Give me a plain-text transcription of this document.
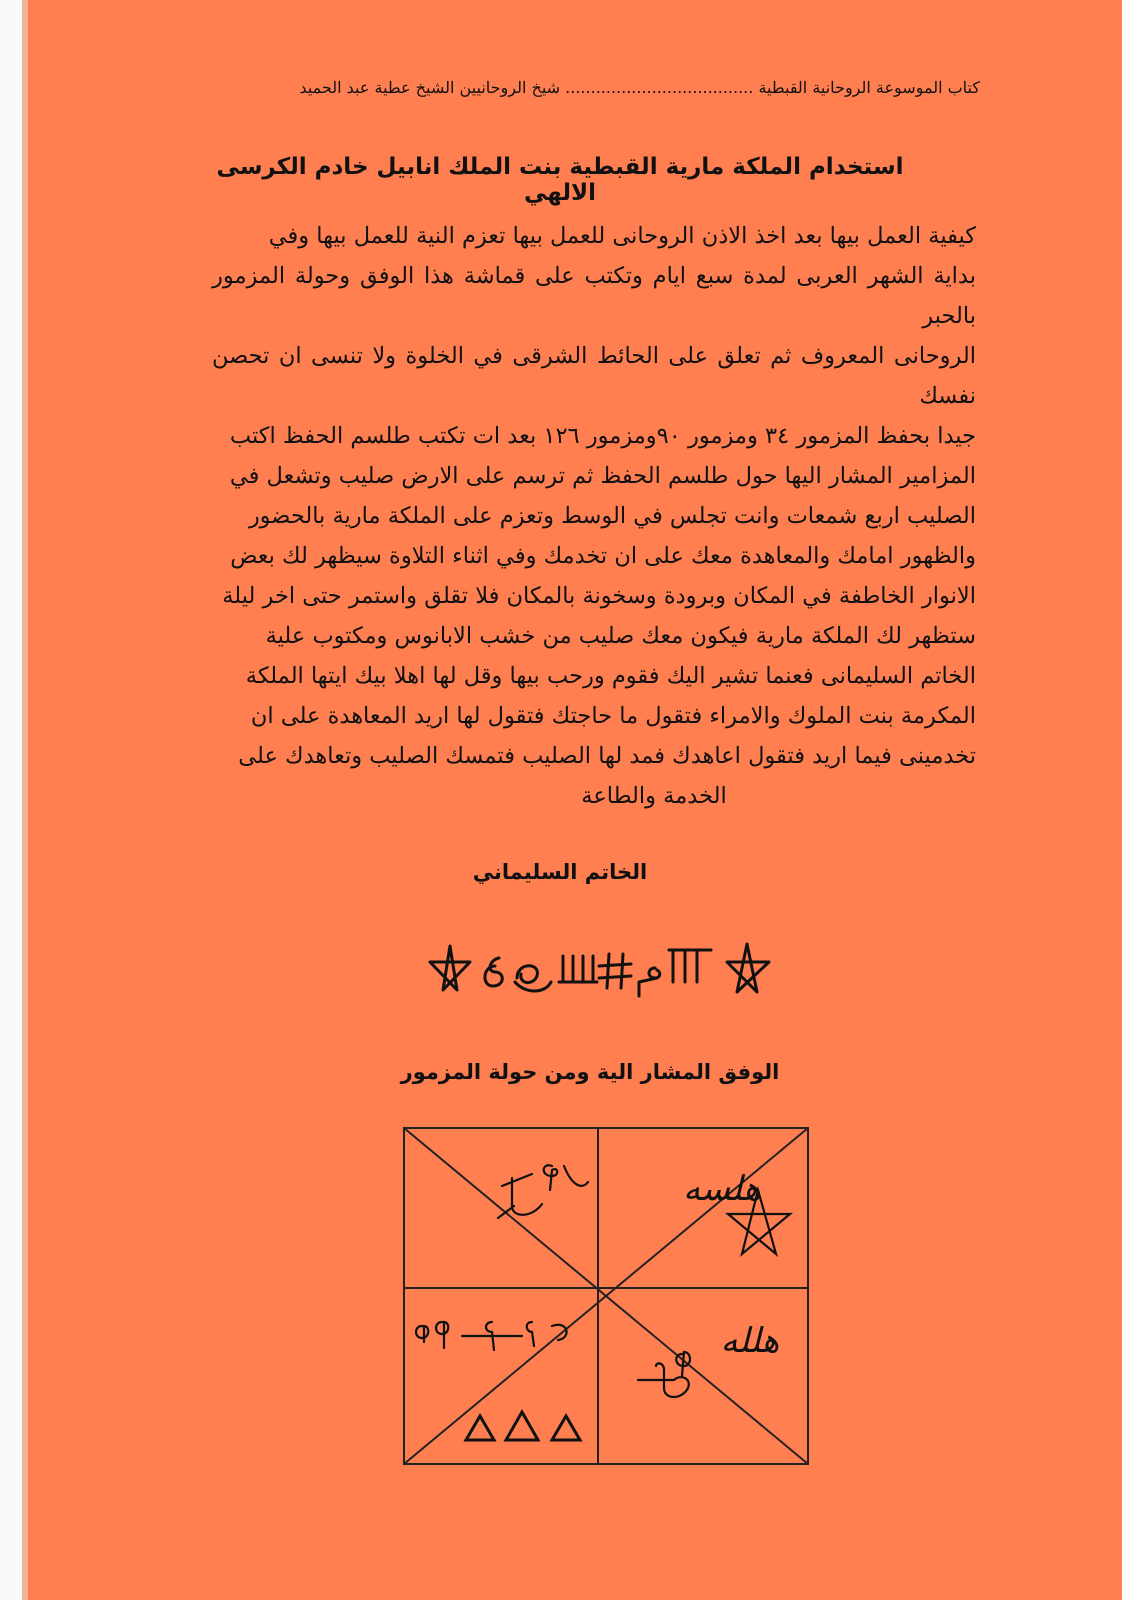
كتاب الموسوعة الروحانية القبطية ..................................... شيخ الروحانيين الشيخ عطية عبد الحميد
استخدام الملكة مارية القبطية بنت الملك انابيل خادم الكرسى الالهي
كيفية العمل بيها بعد اخذ الاذن الروحانى للعمل بيها تعزم النية للعمل بيها وفي
بداية الشهر العربى لمدة سبع ايام وتكتب على قماشة هذا الوفق وحولة المزمور بالحبر
الروحانى المعروف ثم تعلق على الحائط الشرقى في الخلوة ولا تنسى ان تحصن نفسك
جيدا بحفظ المزمور ٣٤ ومزمور ٩٠ومزمور ١٢٦ بعد ات تكتب طلسم الحفظ اكتب
المزامير المشار اليها حول طلسم الحفظ ثم ترسم على الارض صليب وتشعل في
الصليب اربع شمعات وانت تجلس في الوسط وتعزم على الملكة مارية بالحضور
والظهور امامك والمعاهدة معك على ان تخدمك وفي اثناء التلاوة سيظهر لك بعض
الانوار الخاطفة في المكان وبرودة وسخونة بالمكان فلا تقلق واستمر حتى اخر ليلة
ستظهر لك الملكة مارية فيكون معك صليب من خشب الابانوس ومكتوب علية
الخاتم السليمانى فعنما تشير اليك فقوم ورحب بيها وقل لها اهلا بيك ايتها الملكة
المكرمة بنت الملوك والامراء فتقول ما حاجتك فتقول لها اريد المعاهدة على ان
تخدمينى فيما اريد فتقول اعاهدك فمد لها الصليب فتمسك الصليب وتعاهدك على
الخدمة والطاعة
الخاتم السليماني
الوفق المشار الية ومن حولة المزمور
هلسه
هلله
